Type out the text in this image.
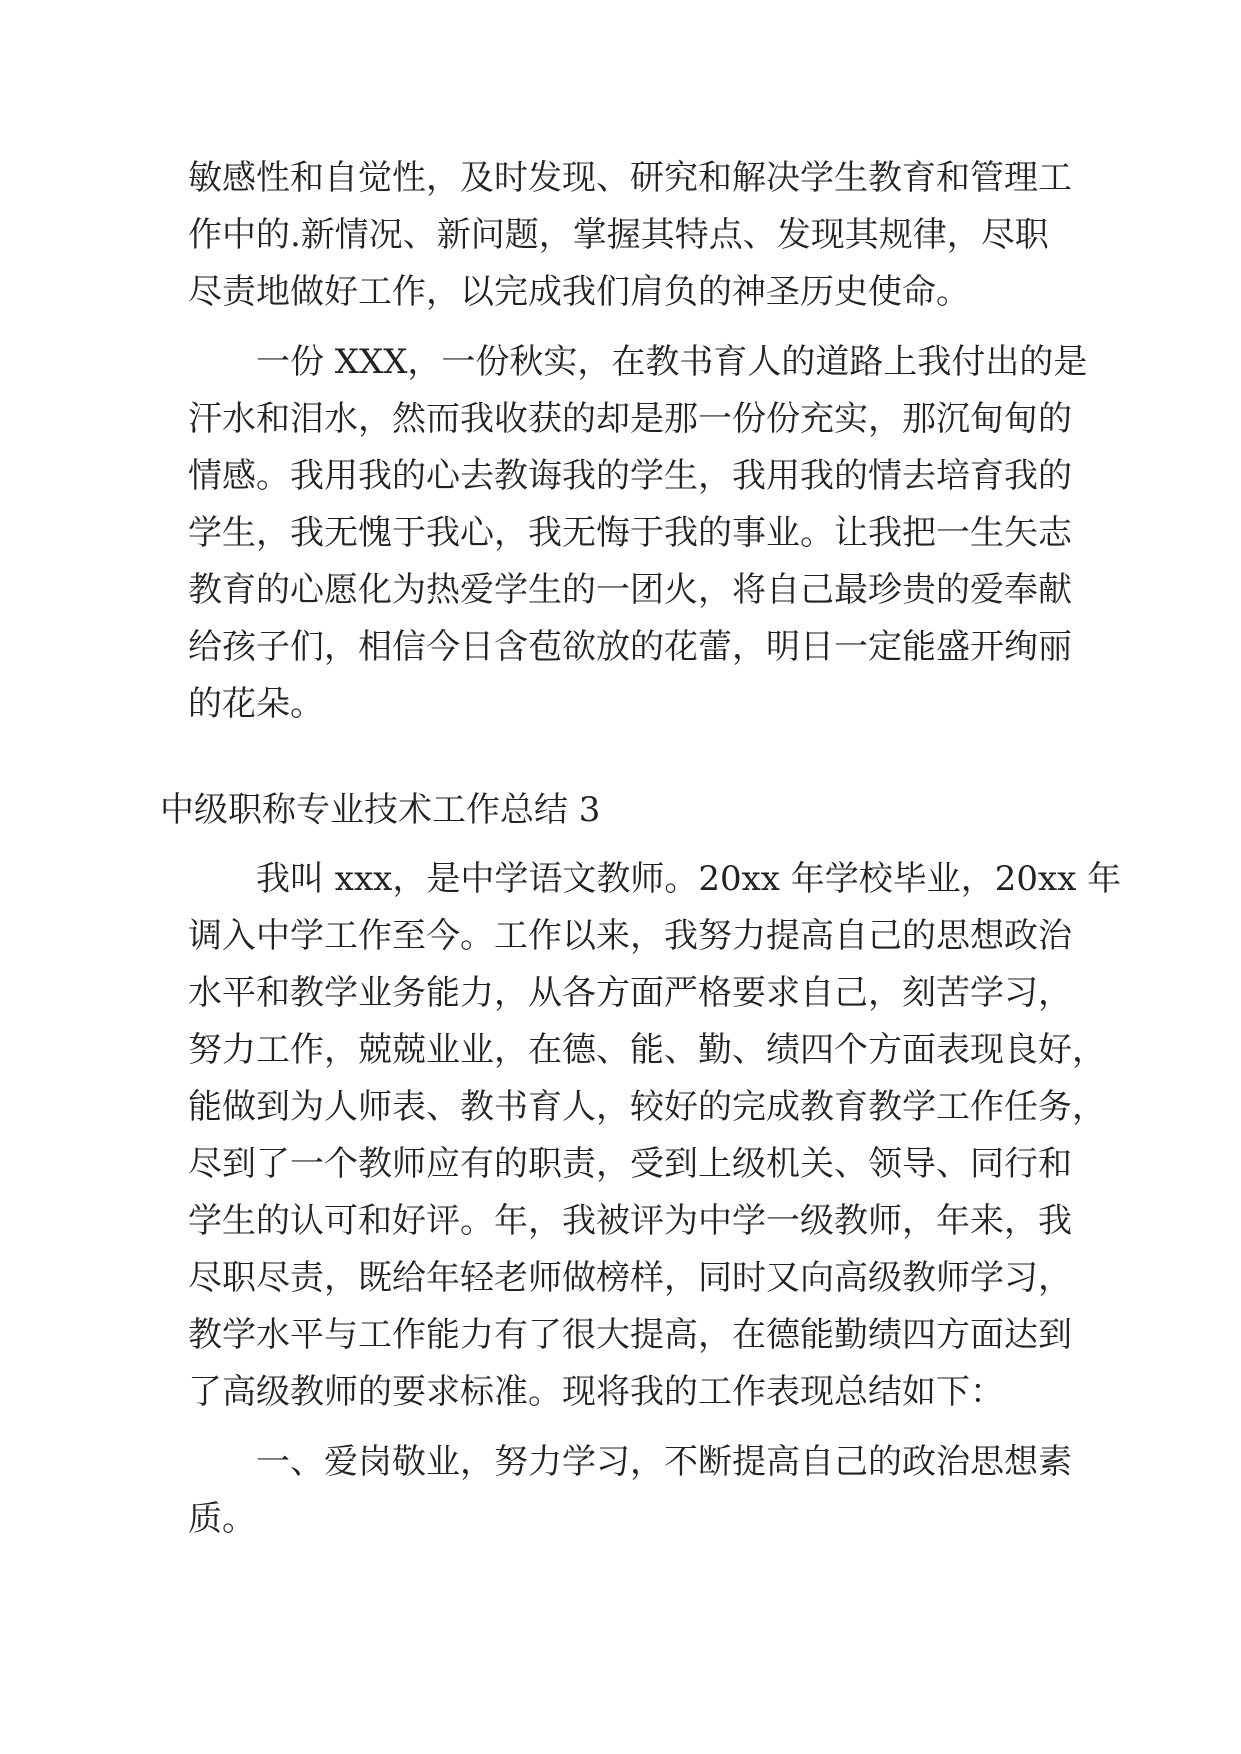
敏感性和自觉性，及时发现、研究和解决学生教育和管理工
作中的.新情况、新问题，掌握其特点、发现其规律，尽职
尽责地做好工作，以完成我们肩负的神圣历史使命。
一份 XXX，一份秋实，在教书育人的道路上我付出的是
汗水和泪水，然而我收获的却是那一份份充实，那沉甸甸的
情感。我用我的心去教诲我的学生，我用我的情去培育我的
学生，我无愧于我心，我无悔于我的事业。让我把一生矢志
教育的心愿化为热爱学生的一团火，将自己最珍贵的爱奉献
给孩子们，相信今日含苞欲放的花蕾，明日一定能盛开绚丽
的花朵。
中级职称专业技术工作总结 3
我叫 xxx，是中学语文教师。20xx 年学校毕业，20xx 年
调入中学工作至今。工作以来，我努力提高自己的思想政治
水平和教学业务能力，从各方面严格要求自己，刻苦学习，
努力工作，兢兢业业，在德、能、勤、绩四个方面表现良好，
能做到为人师表、教书育人，较好的完成教育教学工作任务，
尽到了一个教师应有的职责，受到上级机关、领导、同行和
学生的认可和好评。年，我被评为中学一级教师，年来，我
尽职尽责，既给年轻老师做榜样，同时又向高级教师学习，
教学水平与工作能力有了很大提高，在德能勤绩四方面达到
了高级教师的要求标准。现将我的工作表现总结如下：
一、爱岗敬业，努力学习，不断提高自己的政治思想素
质。
